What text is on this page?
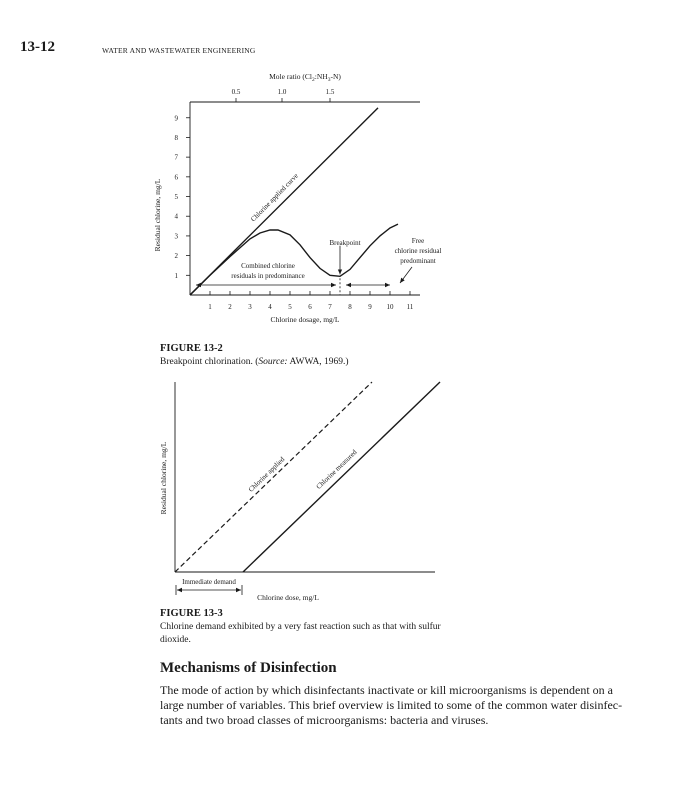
13-12	WATER AND WASTEWATER ENGINEERING
1 2 3 4 5 6 7 8 9 10 11
1
2
3
4
5
6
7
8
9
0.5	1.0	1.5
Mole ratio $(Cl_2:NH_3-N)$
Chlorine dosage, mg/L
Residual chlorine, mg/L	Chlorine applied curve
Breakpoint
Combined chlorine
residuals in predominance
Free
chlorine residual
predominant
FIGURE 13-2
Breakpoint chlorination. (Source: AWWA, 1969.)
Chlorine applied	Chlorine measured
Residual chlorine, mg/L
Immediate demand
Chlorine dose, mg/L
FIGURE 13-3
Chlorine demand exhibited by a very fast reaction such as that with sulfur
dioxide.
Mechanisms of Disinfection
The mode of action by which disinfectants inactivate or kill microorganisms is dependent on a
large number of variables. This brief overview is limited to some of the common water disinfec-
tants and two broad classes of microorganisms: bacteria and viruses.
